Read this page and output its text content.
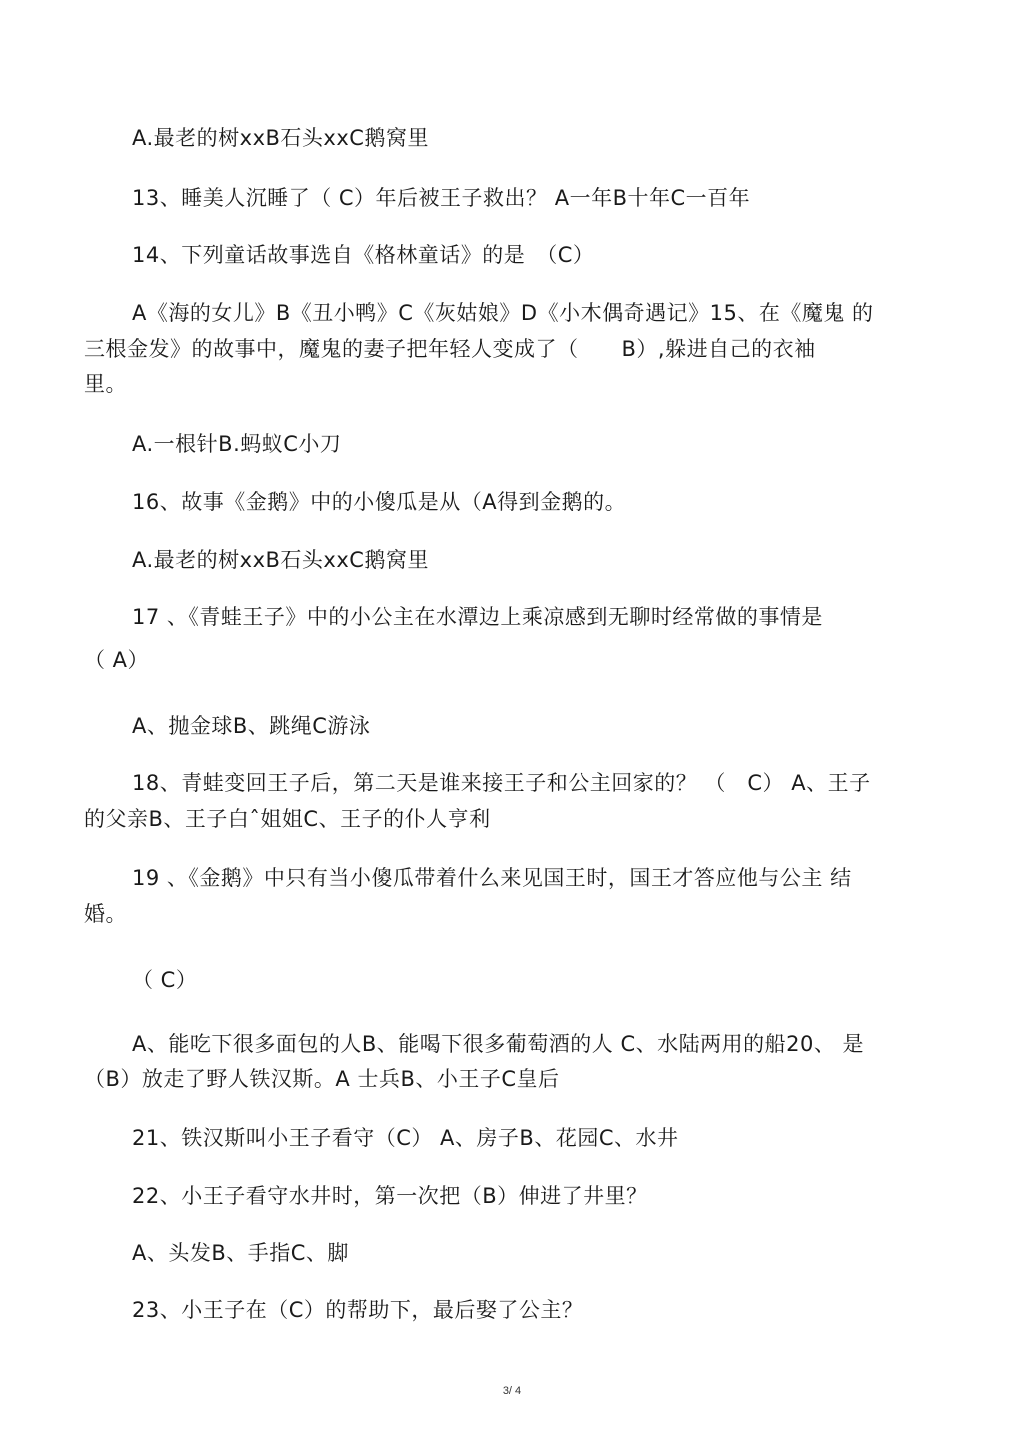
A.最老的树xxB石头xxC鹅窝里
13、睡美人沉睡了（ C）年后被王子救出？ A一年B十年C一百年
14、下列童话故事选自《格林童话》的是　（C）
A《海的女儿》B《丑小鸭》C《灰姑娘》D《小木偶奇遇记》15、在《魔鬼 的
三根金发》的故事中，魔鬼的妻子把年轻人变成了（　　B）,躲进自己的衣袖
里。
A.一根针B.蚂蚁C小刀
16、故事《金鹅》中的小傻瓜是从（A得到金鹅的。
A.最老的树xxB石头xxC鹅窝里
17 、《青蛙王子》中的小公主在水潭边上乘凉感到无聊时经常做的事情是
（ A）
A、抛金球B、跳绳C游泳
18、青蛙变回王子后，第二天是谁来接王子和公主回家的？ （　C） A、王子
的父亲B、王子白ˆ姐姐C、王子的仆人亨利
19 、《金鹅》中只有当小傻瓜带着什么来见国王时，国王才答应他与公主 结
婚。
（ C）
A、能吃下很多面包的人B、能喝下很多葡萄酒的人 C、水陆两用的船20、 是
（B）放走了野人铁汉斯。A 士兵B、小王子C皇后
21、铁汉斯叫小王子看守（C） A、房子B、花园C、水井
22、小王子看守水井时，第一次把（B）伸进了井里？
A、头发B、手指C、脚
23、小王子在（C）的帮助下，最后娶了公主？
3/ 4
